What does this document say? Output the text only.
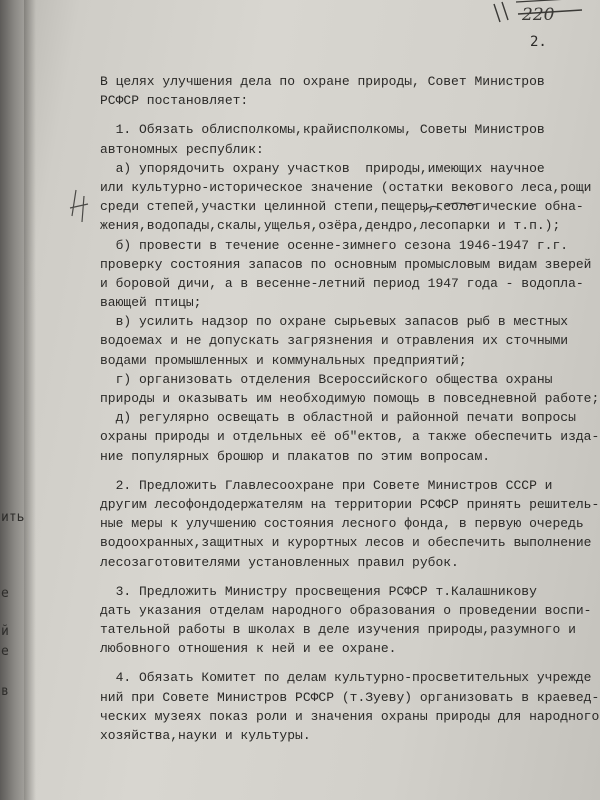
ить
е
й
е
в
220
2.
В целях улучшения дела по охране природы, Совет Министров
РСФСР постановляет:
1. Обязать облисполкомы,крайисполкомы, Советы Министров
автономных республик:
а) упорядочить охрану участков  природы,имеющих научное
или культурно-историческое значение (остатки векового леса,рощи
среди степей,участки целинной степи,пещеры,геологические обна-
жения,водопады,скалы,ущелья,озёра,дендро,лесопарки и т.п.);
б) провести в течение осенне-зимнего сезона 1946-1947 г.г.
проверку состояния запасов по основным промысловым видам зверей
и боровой дичи, а в весенне-летний период 1947 года - водопла-
вающей птицы;
в) усилить надзор по охране сырьевых запасов рыб в местных
водоемах и не допускать загрязнения и отравления их сточными
водами промышленных и коммунальных предприятий;
г) организовать отделения Всероссийского общества охраны
природы и оказывать им необходимую помощь в повседневной работе;
д) регулярно освещать в областной и районной печати вопросы
охраны природы и отдельных её об"ектов, а также обеспечить изда-
ние популярных брошюр и плакатов по этим вопросам.
2. Предложить Главлесоохране при Совете Министров СССР и
другим лесофондодержателям на территории РСФСР принять решитель-
ные меры к улучшению состояния лесного фонда, в первую очередь
водоохранных,защитных и курортных лесов и обеспечить выполнение
лесозаготовителями установленных правил рубок.
3. Предложить Министру просвещения РСФСР т.Калашникову
дать указания отделам народного образования о проведении воспи-
тательной работы в школах в деле изучения природы,разумного и
любовного отношения к ней и ее охране.
4. Обязать Комитет по делам культурно-просветительных учрежде
ний при Совете Министров РСФСР (т.Зуеву) организовать в краевед-
ческих музеях показ роли и значения охраны природы для народного
хозяйства,науки и культуры.
